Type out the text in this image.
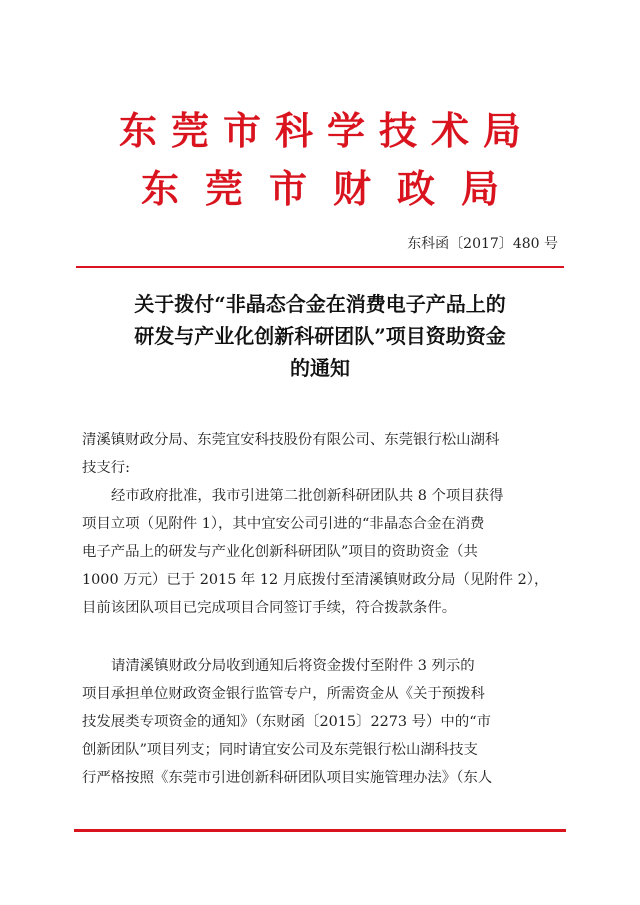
东莞市科学技术局
东莞市财政局
东科函〔2017〕480 号
关于拨付“非晶态合金在消费电子产品上的
研发与产业化创新科研团队”项目资助资金
的通知
清溪镇财政分局、东莞宜安科技股份有限公司、东莞银行松山湖科
技支行:
经市政府批准，我市引进第二批创新科研团队共 8 个项目获得
项目立项（见附件 1），其中宜安公司引进的“非晶态合金在消费
电子产品上的研发与产业化创新科研团队”项目的资助资金（共
1000 万元）已于 2015 年 12 月底拨付至清溪镇财政分局（见附件 2），
目前该团队项目已完成项目合同签订手续，符合拨款条件。
请清溪镇财政分局收到通知后将资金拨付至附件 3 列示的
项目承担单位财政资金银行监管专户，所需资金从《关于预拨科
技发展类专项资金的通知》（东财函〔2015〕2273 号）中的“市
创新团队”项目列支；同时请宜安公司及东莞银行松山湖科技支
行严格按照《东莞市引进创新科研团队项目实施管理办法》（东人
